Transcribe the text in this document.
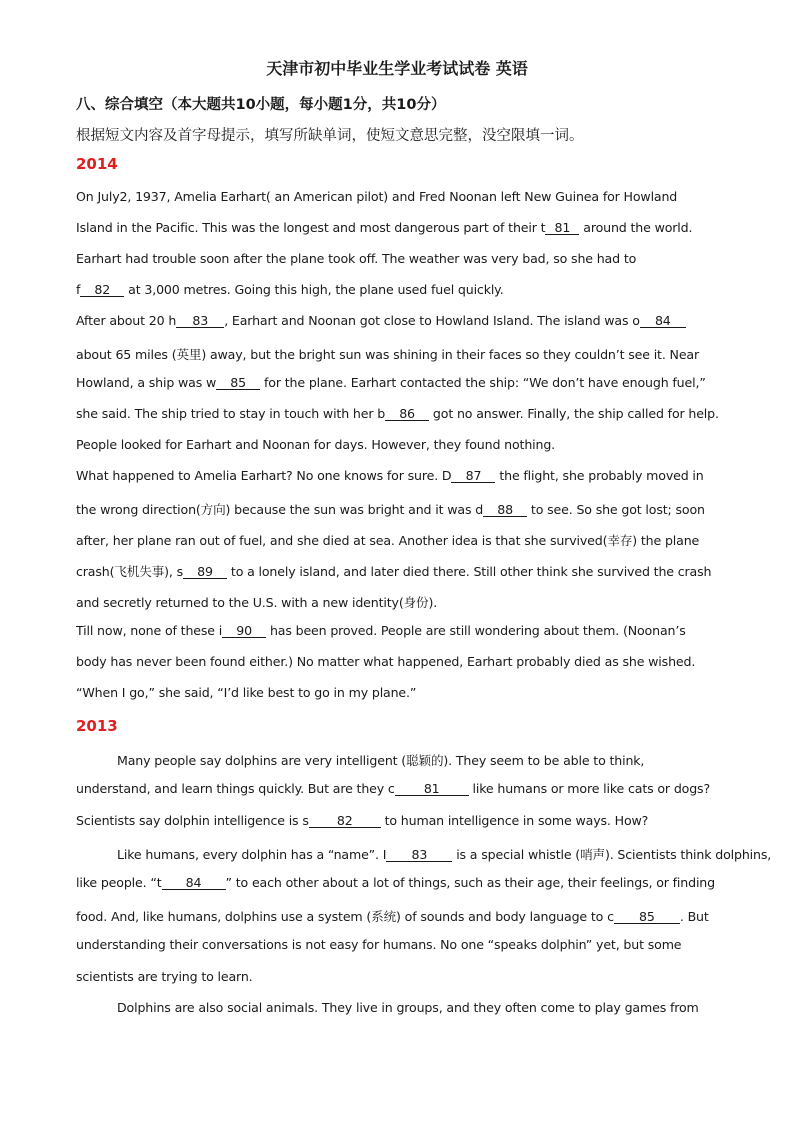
天津市初中毕业生学业考试试卷 英语
八、综合填空（本大题共10小题，每小题1分，共10分）
根据短文内容及首字母提示，填写所缺单词，使短文意思完整，没空限填一词。
2014
On July2, 1937, Amelia Earhart( an American pilot) and Fred Noonan left New Guinea for Howland
Island in the Pacific. This was the longest and most dangerous part of their t 81 around the world.
Earhart had trouble soon after the plane took off. The weather was very bad, so she had to
f 82 at 3,000 metres. Going this high, the plane used fuel quickly.
After about 20 h 83 , Earhart and Noonan got close to Howland Island. The island was o 84
about 65 miles (英里) away, but the bright sun was shining in their faces so they couldn’t see it. Near
Howland, a ship was w 85 for the plane. Earhart contacted the ship: “We don’t have enough fuel,”
she said. The ship tried to stay in touch with her b 86 got no answer. Finally, the ship called for help.
People looked for Earhart and Noonan for days. However, they found nothing.
What happened to Amelia Earhart? No one knows for sure. D 87 the flight, she probably moved in
the wrong direction(方向) because the sun was bright and it was d 88 to see. So she got lost; soon
after, her plane ran out of fuel, and she died at sea. Another idea is that she survived(幸存) the plane
crash(飞机失事), s 89 to a lonely island, and later died there. Still other think she survived the crash
and secretly returned to the U.S. with a new identity(身份).
Till now, none of these i 90 has been proved. People are still wondering about them. (Noonan’s
body has never been found either.) No matter what happened, Earhart probably died as she wished.
“When I go,” she said, “I’d like best to go in my plane.”
2013
Many people say dolphins are very intelligent (聪颖的). They seem to be able to think,
understand, and learn things quickly. But are they c 81 like humans or more like cats or dogs?
Scientists say dolphin intelligence is s 82 to human intelligence in some ways. How?
Like humans, every dolphin has a “name”. I 83 is a special whistle (哨声). Scientists think dolphins,
like people. “t 84 ” to each other about a lot of things, such as their age, their feelings, or finding
food. And, like humans, dolphins use a system (系统) of sounds and body language to c 85 . But
understanding their conversations is not easy for humans. No one “speaks dolphin” yet, but some
scientists are trying to learn.
Dolphins are also social animals. They live in groups, and they often come to play games from
